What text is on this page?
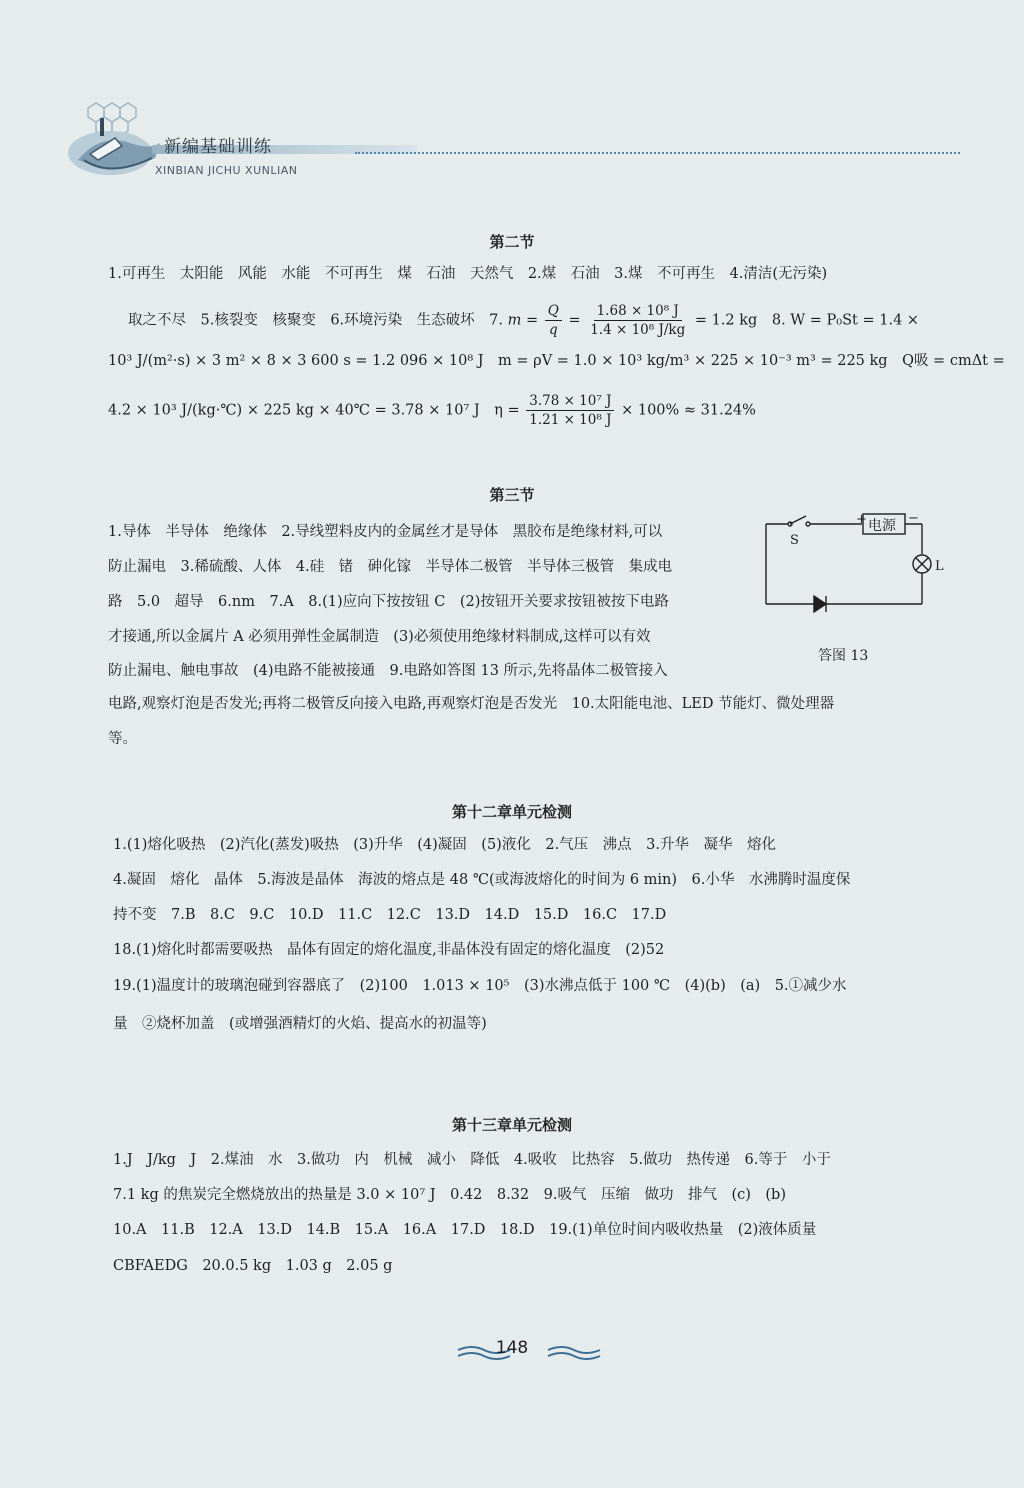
新编基础训练
XINBIAN JICHU XUNLIAN
第二节
1.可再生　太阳能　风能　水能　不可再生　煤　石油　天然气　2.煤　石油　3.煤　不可再生　4.清洁(无污染)
取之不尽　5.核裂变　核聚变　6.环境污染　生态破坏　7. $m = \frac{Q}{q} = \frac{\text{1.68 × 10⁸ J}}{\text{1.4 × 10⁸ J/kg}} = 1.2$ kg　8. W = P₀St = 1.4 ×
10³ J/(m²·s) × 3 m² × 8 × 3 600 s = 1.2 096 × 10⁸ J　m = ρV = 1.0 × 10³ kg/m³ × 225 × 10⁻³ m³ = 225 kg　Q吸 = cmΔt =
4.2 × 10³ J/(kg·℃) × 225 kg × 40℃ = 3.78 × 10⁷ J　$\eta = \frac{\text{3.78 × 10⁷ J}}{\text{1.21 × 10⁸ J}} \times 100\% \approx 31.24\%$
第三节
1.导体　半导体　绝缘体　2.导线塑料皮内的金属丝才是导体　黑胶布是绝缘材料,可以
防止漏电　3.稀硫酸、人体　4.硅　锗　砷化镓　半导体二极管　半导体三极管　集成电
路　5.0　超导　6.nm　7.A　8.(1)应向下按按钮 C　(2)按钮开关要求按钮被按下电路
才接通,所以金属片 A 必须用弹性金属制造　(3)必须使用绝缘材料制成,这样可以有效
防止漏电、触电事故　(4)电路不能被接通　9.电路如答图 13 所示,先将晶体二极管接入
电路,观察灯泡是否发光;再将二极管反向接入电路,再观察灯泡是否发光　10.太阳能电池、LED 节能灯、微处理器
等。
S
+ 电源 −
L
答图 13
第十二章单元检测
1.(1)熔化吸热　(2)汽化(蒸发)吸热　(3)升华　(4)凝固　(5)液化　2.气压　沸点　3.升华　凝华　熔化
4.凝固　熔化　晶体　5.海波是晶体　海波的熔点是 48 ℃(或海波熔化的时间为 6 min)　6.小华　水沸腾时温度保
持不变　7.B　8.C　9.C　10.D　11.C　12.C　13.D　14.D　15.D　16.C　17.D
18.(1)熔化时都需要吸热　晶体有固定的熔化温度,非晶体没有固定的熔化温度　(2)52
19.(1)温度计的玻璃泡碰到容器底了　(2)100　1.013 × 10⁵　(3)水沸点低于 100 ℃　(4)(b)　(a)　5.①减少水
量　②烧杯加盖　(或增强酒精灯的火焰、提高水的初温等)
第十三章单元检测
1.J　J/kg　J　2.煤油　水　3.做功　内　机械　减小　降低　4.吸收　比热容　5.做功　热传递　6.等于　小于
7.1 kg 的焦炭完全燃烧放出的热量是 3.0 × 10⁷ J　0.42　8.32　9.吸气　压缩　做功　排气　(c)　(b)
10.A　11.B　12.A　13.D　14.B　15.A　16.A　17.D　18.D　19.(1)单位时间内吸收热量　(2)液体质量
CBFAEDG　20.0.5 kg　1.03 g　2.05 g
148
